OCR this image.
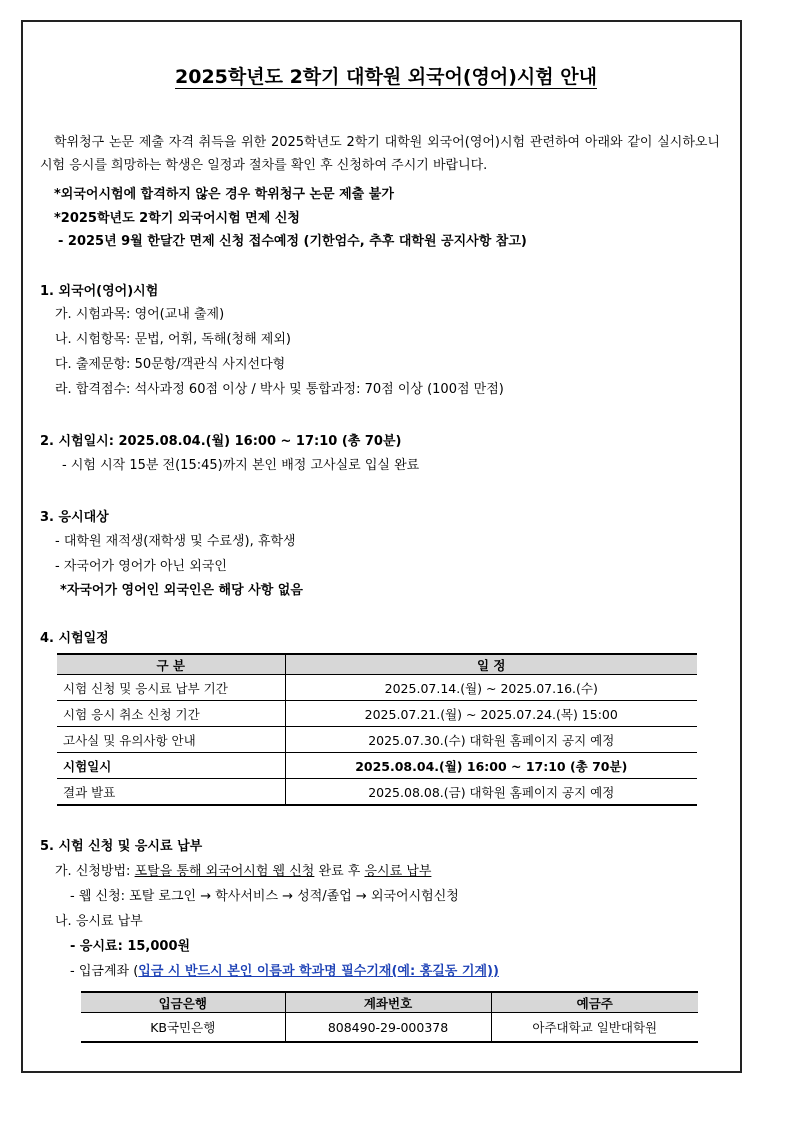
2025학년도 2학기 대학원 외국어(영어)시험 안내
학위청구 논문 제출 자격 취득을 위한 2025학년도 2학기 대학원 외국어(영어)시험 관련하여 아래와 같이 실시하오니 시험 응시를 희망하는 학생은 일정과 절차를 확인 후 신청하여 주시기 바랍니다.
*외국어시험에 합격하지 않은 경우 학위청구 논문 제출 불가
*2025학년도 2학기 외국어시험 면제 신청
- 2025년 9월 한달간 면제 신청 접수예정 (기한엄수, 추후 대학원 공지사항 참고)
1. 외국어(영어)시험
가. 시험과목: 영어(교내 출제)
나. 시험항목: 문법, 어휘, 독해(청해 제외)
다. 출제문항: 50문항/객관식 사지선다형
라. 합격점수: 석사과정 60점 이상 / 박사 및 통합과정: 70점 이상 (100점 만점)
2. 시험일시: 2025.08.04.(월) 16:00 ~ 17:10 (총 70분)
- 시험 시작 15분 전(15:45)까지 본인 배정 고사실로 입실 완료
3. 응시대상
- 대학원 재적생(재학생 및 수료생), 휴학생
- 자국어가 영어가 아닌 외국인
*자국어가 영어인 외국인은 해당 사항 없음
4. 시험일정
구 분	일 정
시험 신청 및 응시료 납부 기간	2025.07.14.(월) ~ 2025.07.16.(수)
시험 응시 취소 신청 기간	2025.07.21.(월) ~ 2025.07.24.(목) 15:00
고사실 및 유의사항 안내	2025.07.30.(수) 대학원 홈페이지 공지 예정
시험일시	2025.08.04.(월) 16:00 ~ 17:10 (총 70분)
결과 발표	2025.08.08.(금) 대학원 홈페이지 공지 예정
5. 시험 신청 및 응시료 납부
가. 신청방법: 포탈을 통해 외국어시험 웹 신청 완료 후 응시료 납부
- 웹 신청: 포탈 로그인 → 학사서비스 → 성적/졸업 → 외국어시험신청
나. 응시료 납부
- 응시료: 15,000원
- 입금계좌 (입금 시 반드시 본인 이름과 학과명 필수기재(예: 홍길동 기계))
입금은행	계좌번호	예금주
KB국민은행	808490-29-000378	아주대학교 일반대학원
